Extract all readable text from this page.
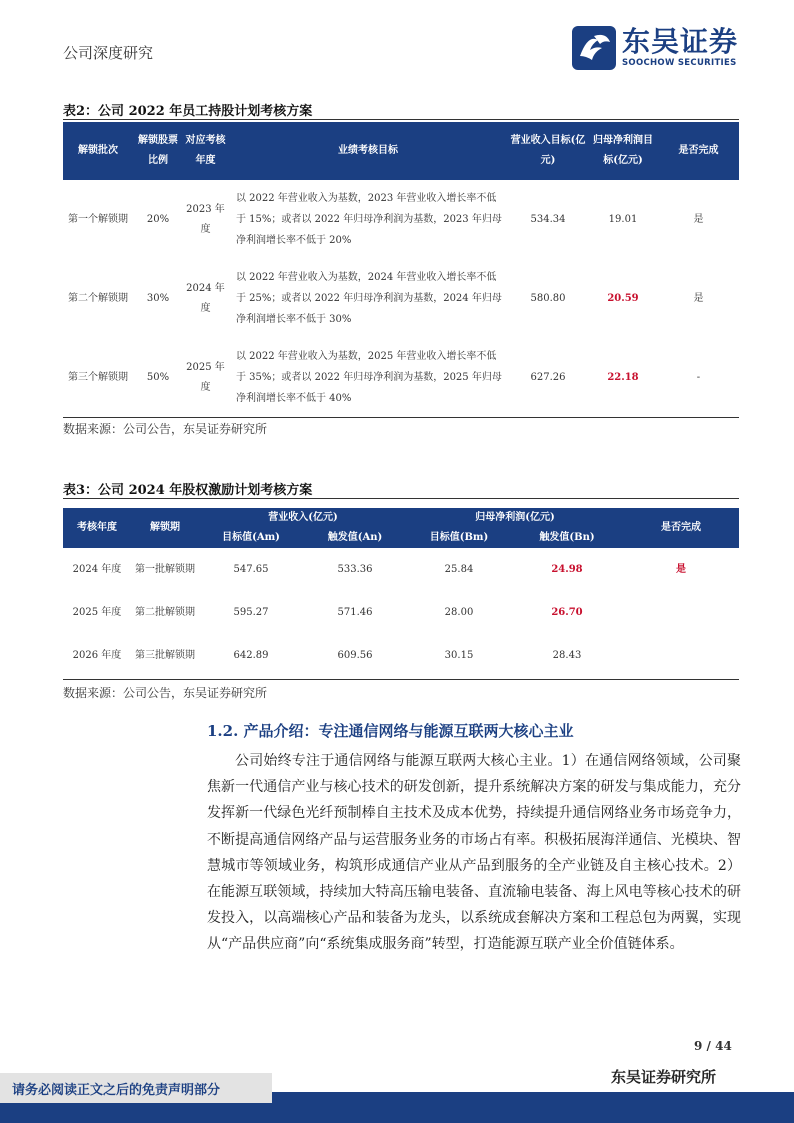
公司深度研究	东吴证券
SOOCHOW SECURITIES
表2：公司 2022 年员工持股计划考核方案
解锁批次	解锁股票比例	对应考核年度	业绩考核目标	营业收入目标(亿元)	归母净利润目标(亿元)	是否完成
第一个解锁期	20%	2023 年度	以 2022 年营业收入为基数，2023 年营业收入增长率不低于 15%；或者以 2022 年归母净利润为基数，2023 年归母净利润增长率不低于 20%	534.34	19.01	是
第二个解锁期	30%	2024 年度	以 2022 年营业收入为基数，2024 年营业收入增长率不低于 25%；或者以 2022 年归母净利润为基数，2024 年归母净利润增长率不低于 30%	580.80	20.59	是
第三个解锁期	50%	2025 年度	以 2022 年营业收入为基数，2025 年营业收入增长率不低于 35%；或者以 2022 年归母净利润为基数，2025 年归母净利润增长率不低于 40%	627.26	22.18	-
数据来源：公司公告，东吴证券研究所
表3：公司 2024 年股权激励计划考核方案
考核年度	解锁期	营业收入(亿元)		归母净利润(亿元)		是否完成
		目标值(Am)	触发值(An)	目标值(Bm)	触发值(Bn)	
2024 年度	第一批解锁期	547.65	533.36	25.84	24.98	是
2025 年度	第二批解锁期	595.27	571.46	28.00	26.70	
2026 年度	第三批解锁期	642.89	609.56	30.15	28.43	
数据来源：公司公告，东吴证券研究所
1.2. 产品介绍：专注通信网络与能源互联两大核心主业
公司始终专注于通信网络与能源互联两大核心主业。1）在通信网络领域，公司聚焦新一代通信产业与核心技术的研发创新，提升系统解决方案的研发与集成能力，充分发挥新一代绿色光纤预制棒自主技术及成本优势，持续提升通信网络业务市场竞争力，不断提高通信网络产品与运营服务业务的市场占有率。积极拓展海洋通信、光模块、智慧城市等领域业务，构筑形成通信产业从产品到服务的全产业链及自主核心技术。2）在能源互联领域，持续加大特高压输电装备、直流输电装备、海上风电等核心技术的研发投入，以高端核心产品和装备为龙头，以系统成套解决方案和工程总包为两翼，实现从“产品供应商”向“系统集成服务商”转型，打造能源互联产业全价值链体系。
9 / 44
东吴证券研究所
请务必阅读正文之后的免责声明部分
